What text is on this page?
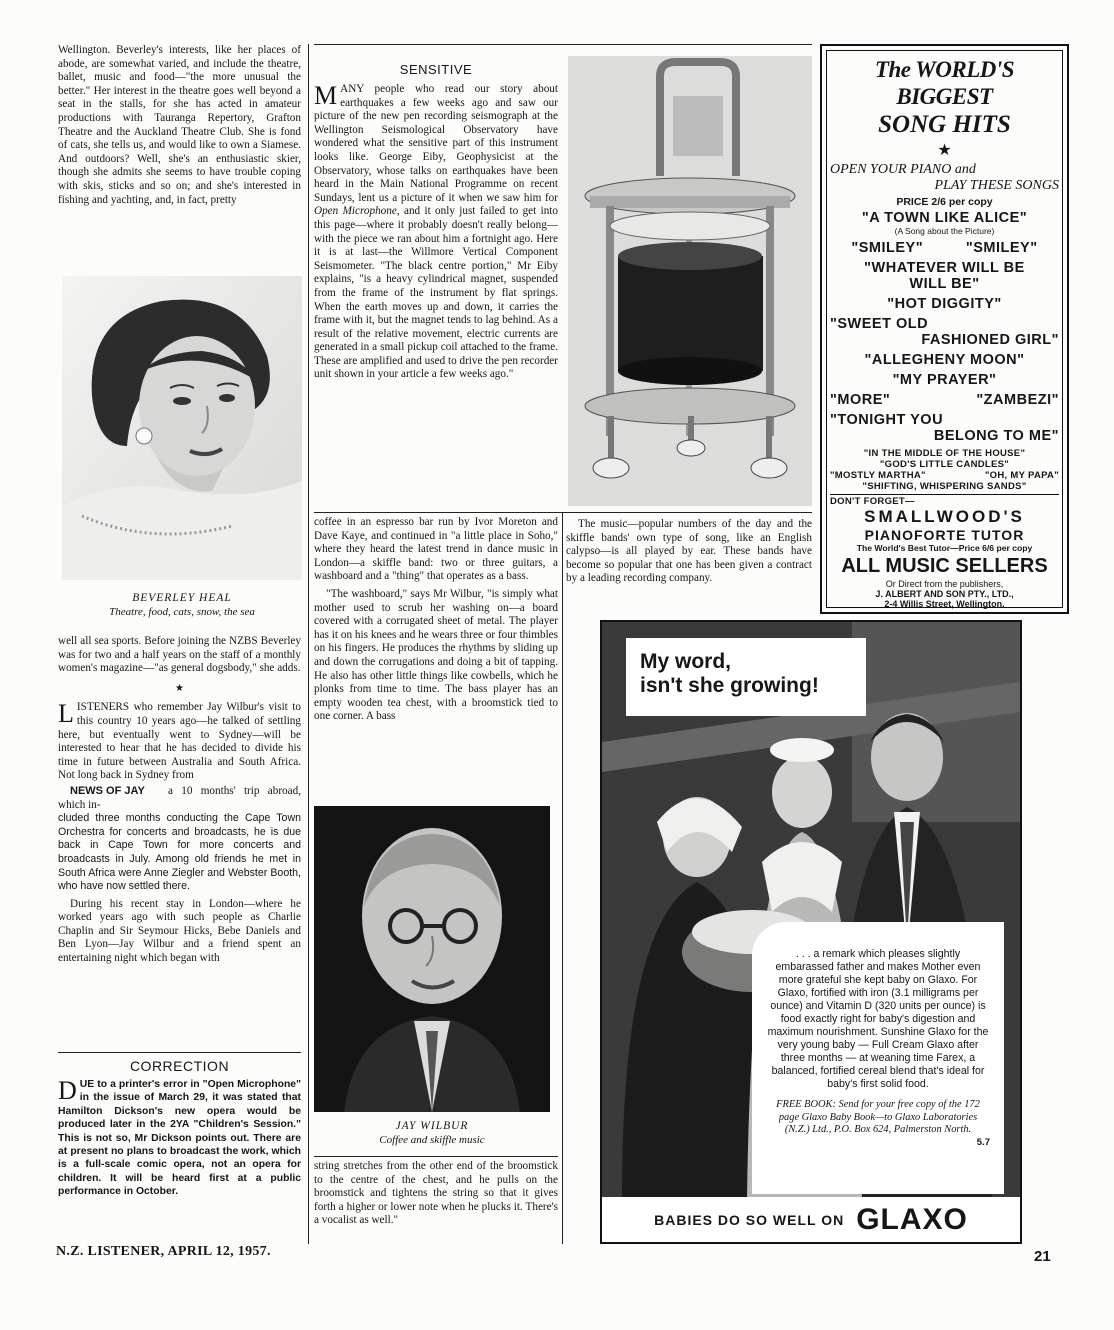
Wellington. Beverley's interests, like her places of abode, are somewhat varied, and include the theatre, ballet, music and food—"the more unusual the better." Her interest in the theatre goes well beyond a seat in the stalls, for she has acted in amateur productions with Tauranga Repertory, Grafton Theatre and the Auckland Theatre Club. She is fond of cats, she tells us, and would like to own a Siamese. And outdoors? Well, she's an enthusiastic skier, though she admits she seems to have trouble coping with skis, sticks and so on; and she's interested in fishing and yachting, and, in fact, pretty

BEVERLEY HEAL
Theatre, food, cats, snow, the sea

well all sea sports. Before joining the NZBS Beverley was for two and a half years on the staff of a monthly women's magazine—"as general dogsbody," she adds.

★

LISTENERS who remember Jay Wilbur's visit to this country 10 years ago—he talked of settling here, but eventually went to Sydney—will be interested to hear that he has decided to divide his time in future between Australia and South Africa. Not long back in Sydney from

NEWS OF JAY	a 10 months' trip abroad, which in-

cluded three months conducting the Cape Town Orchestra for concerts and broadcasts, he is due back in Cape Town for more concerts and broadcasts in July. Among old friends he met in South Africa were Anne Ziegler and Webster Booth, who have now settled there.

During his recent stay in London—where he worked years ago with such people as Charlie Chaplin and Sir Seymour Hicks, Bebe Daniels and Ben Lyon—Jay Wilbur and a friend spent an entertaining night which began with

CORRECTION
DUE to a printer's error in "Open Microphone" in the issue of March 29, it was stated that Hamilton Dickson's new opera would be produced later in the 2YA "Children's Session." This is not so, Mr Dickson points out. There are at present no plans to broadcast the work, which is a full-scale comic opera, not an opera for children. It will be heard first at a public performance in October.
SENSITIVE
MANY people who read our story about earthquakes a few weeks ago and saw our picture of the new pen recording seismograph at the Wellington Seismological Observatory have wondered what the sensitive part of this instrument looks like. George Eiby, Geophysicist at the Observatory, whose talks on earthquakes have been heard in the Main National Programme on recent Sundays, lent us a picture of it when we saw him for Open Microphone, and it only just failed to get into this page—where it probably doesn't really belong—with the piece we ran about him a fortnight ago. Here it is at last—the Willmore Vertical Component Seismometer. "The black centre portion," Mr Eiby explains, "is a heavy cylindrical magnet, suspended from the frame of the instrument by flat springs. When the earth moves up and down, it carries the frame with it, but the magnet tends to lag behind. As a result of the relative movement, electric currents are generated in a small pickup coil attached to the frame. These are amplified and used to drive the pen recorder unit shown in your article a few weeks ago."

coffee in an espresso bar run by Ivor Moreton and Dave Kaye, and continued in "a little place in Soho," where they heard the latest trend in dance music in London—a skiffle band: two or three guitars, a washboard and a "thing" that operates as a bass.

"The washboard," says Mr Wilbur, "is simply what mother used to scrub her washing on—a board covered with a corrugated sheet of metal. The player has it on his knees and he wears three or four thimbles on his fingers. He produces the rhythms by sliding up and down the corrugations and doing a bit of tapping. He also has other little things like cowbells, which he plonks from time to time. The bass player has an empty wooden tea chest, with a broomstick tied to one corner. A bass

JAY WILBUR
Coffee and skiffle music

string stretches from the other end of the broomstick to the centre of the chest, and he pulls on the broomstick and tightens the string so that it gives forth a higher or lower note when he plucks it. There's a vocalist as well."

The music—popular numbers of the day and the skiffle bands' own type of song, like an English calypso—is all played by ear. These bands have become so popular that one has been given a contract by a leading recording company.

The WORLD'S BIGGEST
SONG HITS
★
OPEN YOUR PIANO and
PLAY THESE SONGS
PRICE 2/6 per copy
"A TOWN LIKE ALICE"
(A Song about the Picture)
"SMILEY"	"SMILEY"
"WHATEVER WILL BE
WILL BE"
"HOT DIGGITY"
"SWEET OLD
FASHIONED GIRL"
"ALLEGHENY MOON"
"MY PRAYER"
"MORE"	"ZAMBEZI"
"TONIGHT YOU
BELONG TO ME"
"IN THE MIDDLE OF THE HOUSE"
"GOD'S LITTLE CANDLES"
"MOSTLY MARTHA"	"OH, MY PAPA"
"SHIFTING, WHISPERING SANDS"
DON'T FORGET—
SMALLWOOD'S
PIANOFORTE TUTOR
The World's Best Tutor—Price 6/6 per copy
ALL MUSIC SELLERS
Or Direct from the publishers,
J. ALBERT AND SON PTY., LTD.,
2-4 Willis Street, Wellington.
My word,
isn't she growing!
. . . a remark which pleases slightly embarassed father and makes Mother even more grateful she kept baby on Glaxo. For Glaxo, fortified with iron (3.1 milligrams per ounce) and Vitamin D (320 units per ounce) is food exactly right for baby's digestion and maximum nourishment. Sunshine Glaxo for the very young baby — Full Cream Glaxo after three months — at weaning time Farex, a balanced, fortified cereal blend that's ideal for baby's first solid food.
FREE BOOK: Send for your free copy of the 172 page Glaxo Baby Book—to Glaxo Laboratories (N.Z.) Ltd., P.O. Box 624, Palmerston North.
5.7
BABIES DO SO WELL ON GLAXO
N.Z. LISTENER, APRIL 12, 1957.	21
